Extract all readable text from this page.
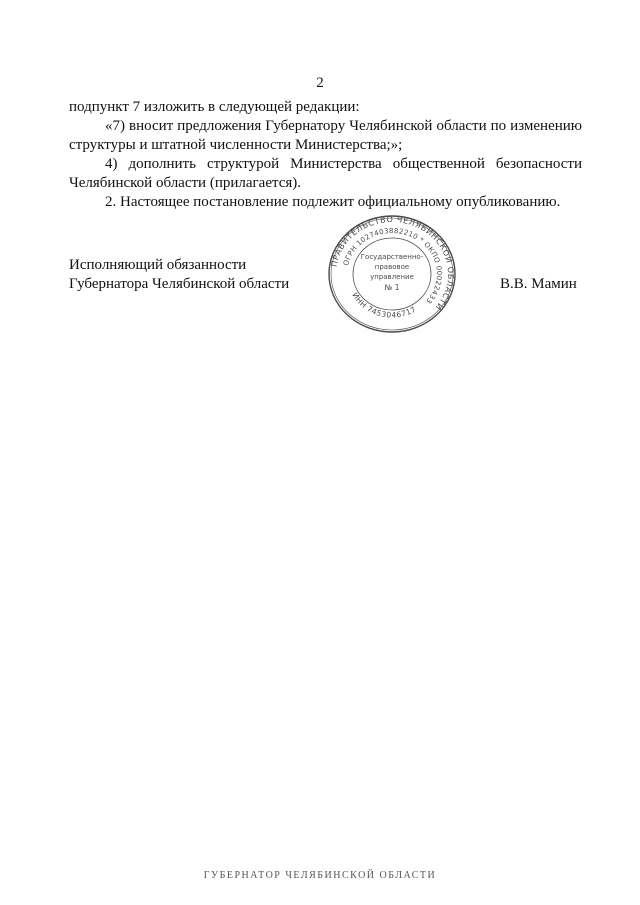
2

подпункт 7 изложить в следующей редакции:

«7) вносит предложения Губернатору Челябинской области по изменению структуры и штатной численности Министерства;»;

4) дополнить структурой Министерства общественной безопасности Челябинской области (прилагается).

2. Настоящее постановление подлежит официальному опубликованию.

Исполняющий обязанности
Губернатора Челябинской области
ПРАВИТЕЛЬСТВО ЧЕЛЯБИНСКОЙ ОБЛАСТИ
ОГРН 1027403882210 * ОКПО 00022433
ИНН 7453046717
Государственно-
правовое
управление
№ 1	В.В. Мамин
ГУБЕРНАТОР ЧЕЛЯБИНСКОЙ ОБЛАСТИ
